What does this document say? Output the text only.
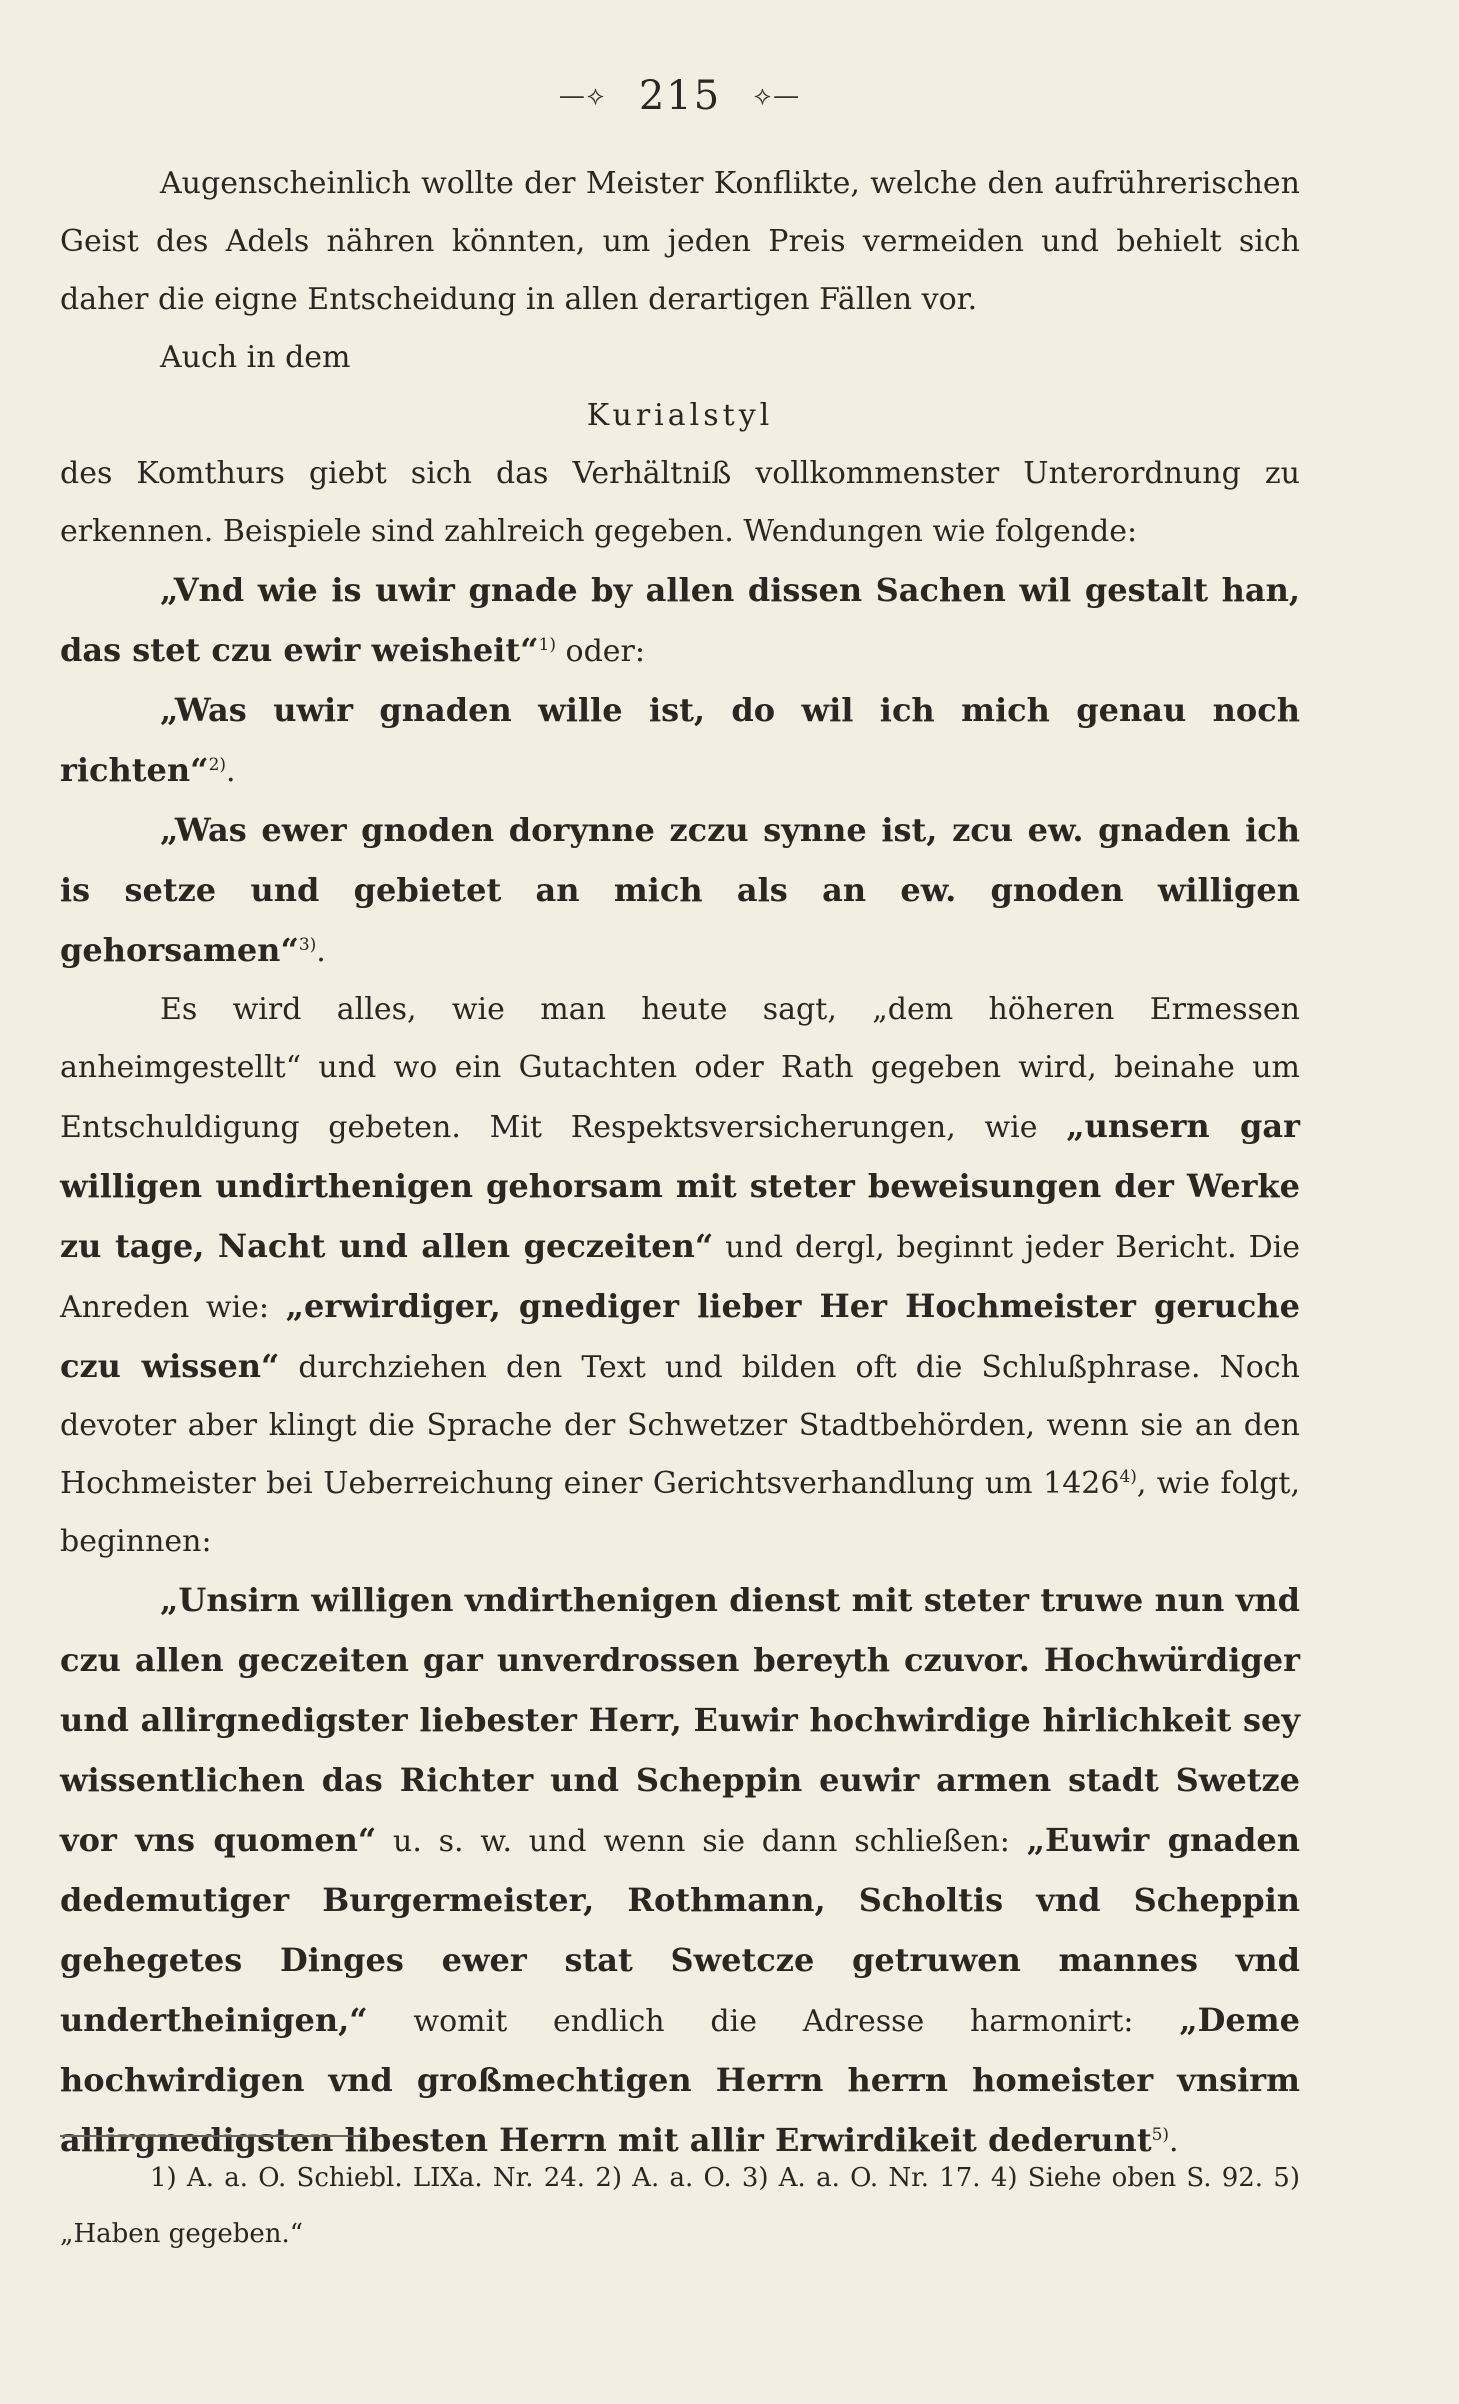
—⟡ 215 ⟡—

Augenscheinlich wollte der Meister Konflikte, welche den aufrührerischen Geist des Adels nähren könnten, um jeden Preis vermeiden und behielt sich daher die eigne Entscheidung in allen derartigen Fällen vor.

Auch in dem

Kurialstyl

des Komthurs giebt sich das Verhältniß vollkommenster Unterordnung zu erkennen. Beispiele sind zahlreich gegeben. Wendungen wie folgende:

„Vnd wie is uwir gnade by allen dissen Sachen wil gestalt han, das stet czu ewir weisheit“$^{1)}$ oder:

„Was uwir gnaden wille ist, do wil ich mich genau noch richten“$^{2)}$.

„Was ewer gnoden dorynne zczu synne ist, zcu ew. gnaden ich is setze und gebietet an mich als an ew. gnoden willigen gehorsamen“$^{3)}$.

Es wird alles, wie man heute sagt, „dem höheren Ermessen anheimgestellt“ und wo ein Gutachten oder Rath gegeben wird, beinahe um Entschuldigung gebeten. Mit Respektsversicherungen, wie „unsern gar willigen undirthenigen gehorsam mit steter beweisungen der Werke zu tage, Nacht und allen geczeiten“ und dergl, beginnt jeder Bericht. Die Anreden wie: „erwirdiger, gnediger lieber Her Hochmeister geruche czu wissen“ durchziehen den Text und bilden oft die Schlußphrase. Noch devoter aber klingt die Sprache der Schwetzer Stadtbehörden, wenn sie an den Hochmeister bei Ueberreichung einer Gerichtsverhandlung um 1426$^{4)}$, wie folgt, beginnen:

„Unsirn willigen vndirthenigen dienst mit steter truwe nun vnd czu allen geczeiten gar unverdrossen bereyth czuvor. Hochwürdiger und allirgnedigster liebester Herr, Euwir hochwirdige hirlichkeit sey wissentlichen das Richter und Scheppin euwir armen stadt Swetze vor vns quomen“ u. s. w. und wenn sie dann schließen: „Euwir gnaden dedemutiger Burgermeister, Rothmann, Scholtis vnd Scheppin gehegetes Dinges ewer stat Swetcze getruwen mannes vnd undertheinigen,“ womit endlich die Adresse harmonirt: „Deme hochwirdigen vnd großmechtigen Herrn herrn homeister vnsirm allirgnedigsten libesten Herrn mit allir Erwirdikeit dederunt$^{5)}$.

1) A. a. O. Schiebl. LIXa. Nr. 24. 2) A. a. O. 3) A. a. O. Nr. 17. 4) Siehe oben S. 92. 5) „Haben gegeben.“
